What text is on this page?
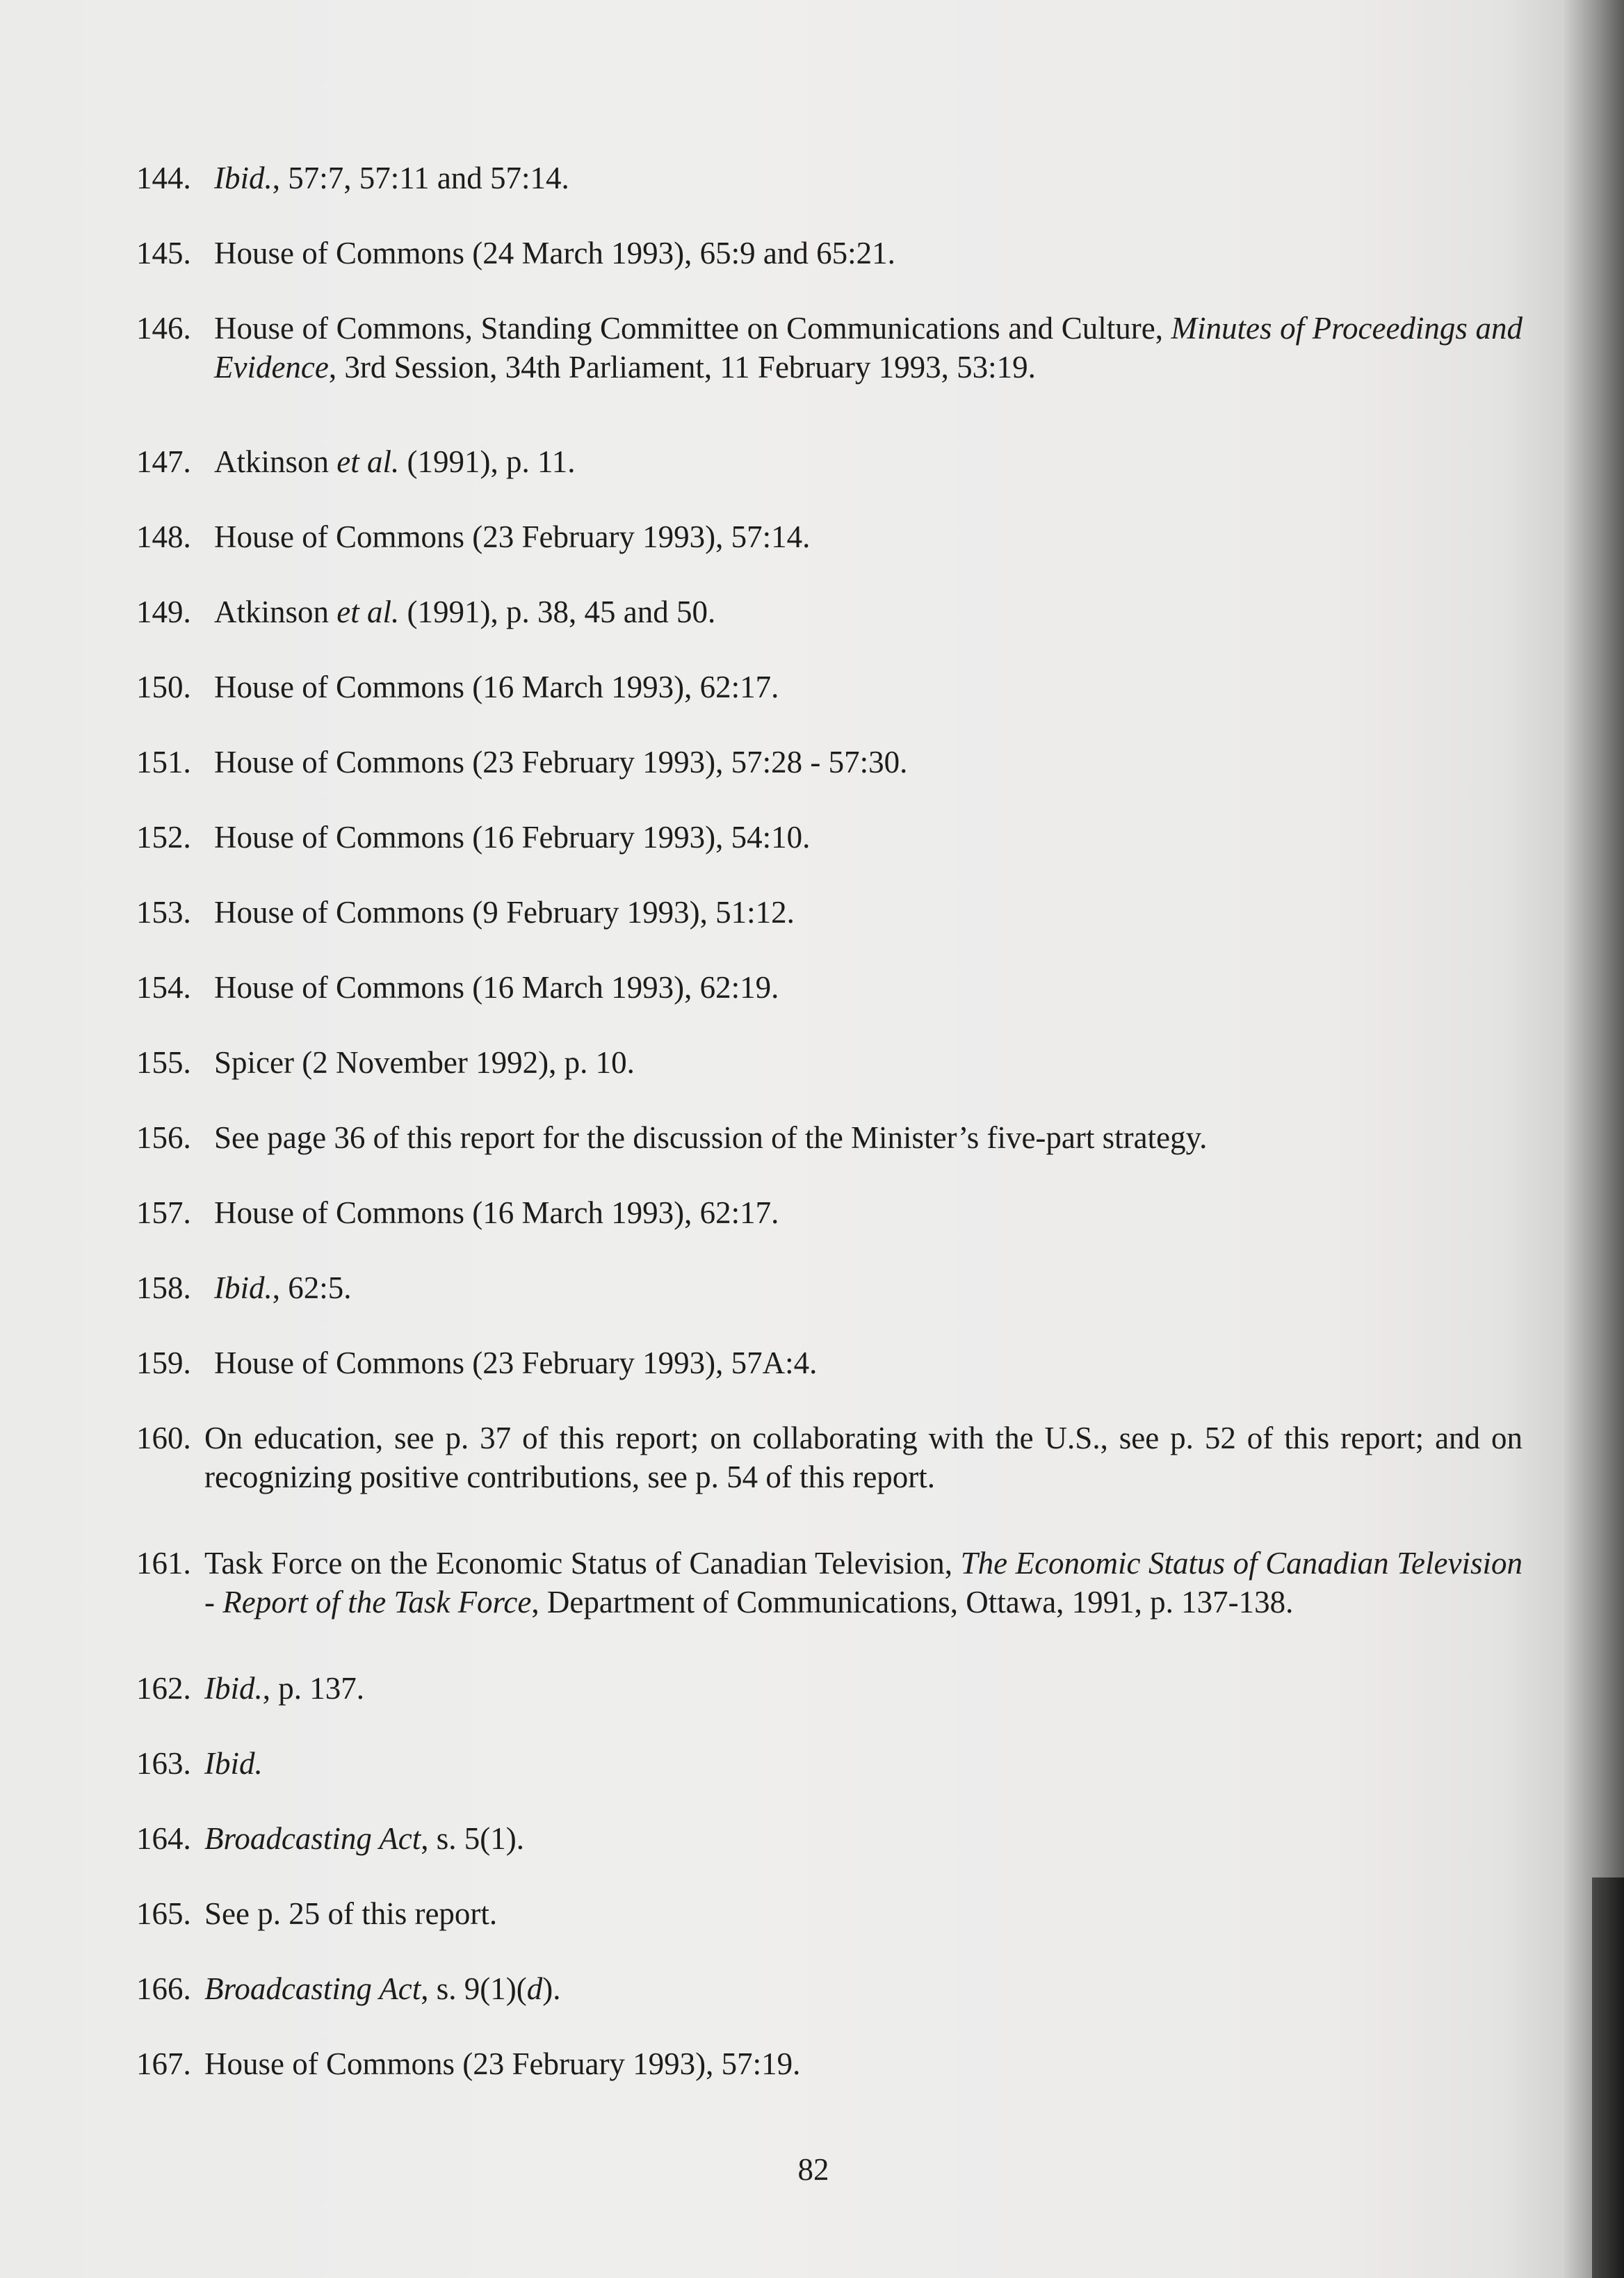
144. Ibid., 57:7, 57:11 and 57:14.
145. House of Commons (24 March 1993), 65:9 and 65:21.
146. House of Commons, Standing Committee on Communications and Culture, Minutes of Proceedings and Evidence, 3rd Session, 34th Parliament, 11 February 1993, 53:19.
147. Atkinson et al. (1991), p. 11.
148. House of Commons (23 February 1993), 57:14.
149. Atkinson et al. (1991), p. 38, 45 and 50.
150. House of Commons (16 March 1993), 62:17.
151. House of Commons (23 February 1993), 57:28 - 57:30.
152. House of Commons (16 February 1993), 54:10.
153. House of Commons (9 February 1993), 51:12.
154. House of Commons (16 March 1993), 62:19.
155. Spicer (2 November 1992), p. 10.
156. See page 36 of this report for the discussion of the Minister’s five-part strategy.
157. House of Commons (16 March 1993), 62:17.
158. Ibid., 62:5.
159. House of Commons (23 February 1993), 57A:4.
160. On education, see p. 37 of this report; on collaborating with the U.S., see p. 52 of this report; and on recognizing positive contributions, see p. 54 of this report.
161. Task Force on the Economic Status of Canadian Television, The Economic Status of Canadian Television - Report of the Task Force, Department of Communications, Ottawa, 1991, p. 137-138.
162. Ibid., p. 137.
163. Ibid.
164. Broadcasting Act, s. 5(1).
165. See p. 25 of this report.
166. Broadcasting Act, s. 9(1)(d).
167. House of Commons (23 February 1993), 57:19.
82
